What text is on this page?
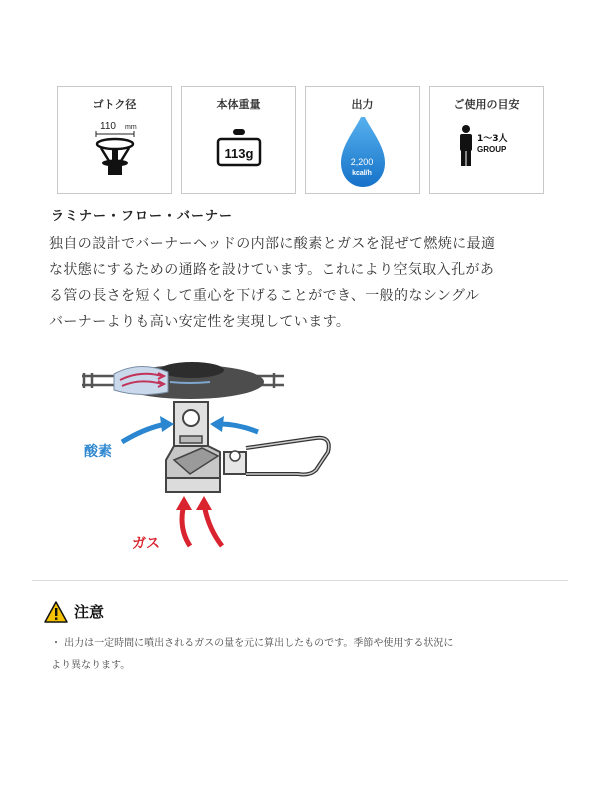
ゴトク径
110 mm
本体重量
113g
出力
2,200
kcal/h
ご使用の目安
1～3人
GROUP
ラミナー・フロー・バーナー
独自の設計でバーナーヘッドの内部に酸素とガスを混ぜて燃焼に最適
な状態にするための通路を設けています。これにより空気取入孔があ
る管の長さを短くして重心を下げることができ、一般的なシングル
バーナーよりも高い安定性を実現しています。
酸素
ガス
注意
・ 出力は一定時間に噴出されるガスの量を元に算出したものです。季節や使用する状況に
より異なります。
